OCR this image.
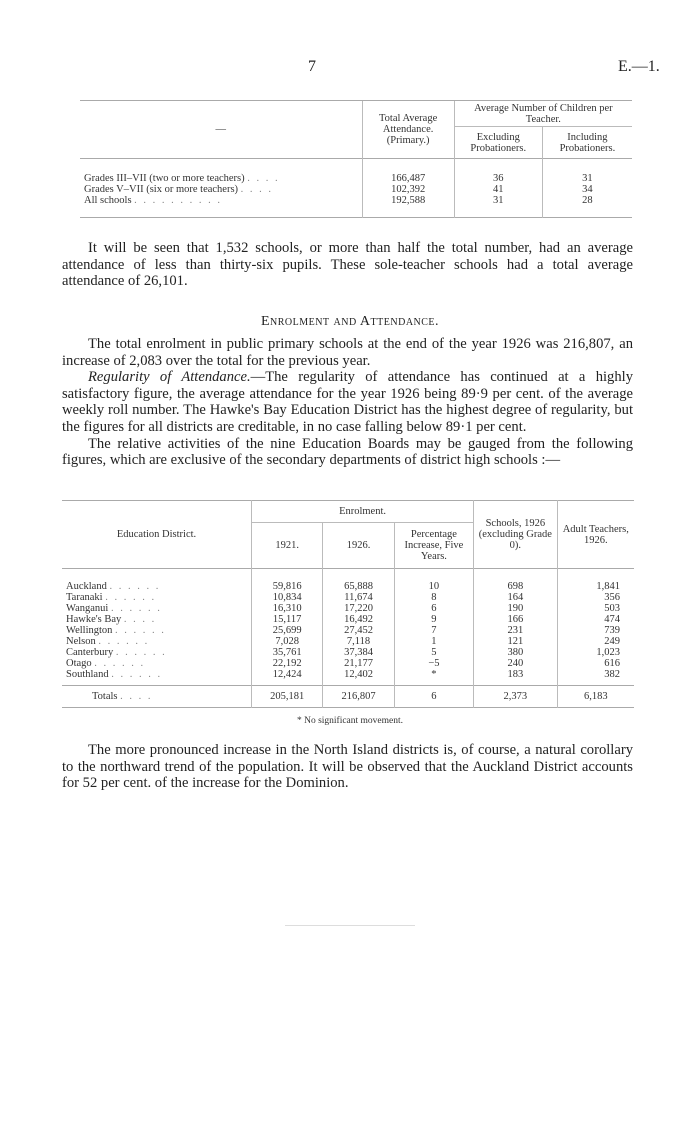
7	E.—1.
—	Total Average Attendance. (Primary.)	Average Number of Children per Teacher.	
		Excluding Probationers.	Including Probationers.

Grades III–VII (two or more teachers) . . . .	166,487	36	31
Grades V–VII (six or more teachers) . . . .	102,392	41	34
All schools . . . . . . . . . .	192,588	31	28

It will be seen that 1,532 schools, or more than half the total number, had an average attendance of less than thirty-six pupils. These sole-teacher schools had a total average attendance of 26,101.

Enrolment and Attendance.

The total enrolment in public primary schools at the end of the year 1926 was 216,807, an increase of 2,083 over the total for the previous year.

Regularity of Attendance.—The regularity of attendance has continued at a highly satisfactory figure, the average attendance for the year 1926 being 89·9 per cent. of the average weekly roll number. The Hawke's Bay Education District has the highest degree of regularity, but the figures for all districts are creditable, in no case falling below 89·1 per cent.

The relative activities of the nine Education Boards may be gauged from the following figures, which are exclusive of the secondary departments of district high schools :—

Education District.	Enrolment.			Schools, 1926 (excluding Grade 0).	Adult Teachers, 1926.
	1921.	1926.	Percentage Increase, Five Years.		

Auckland . . . . . .	59,816	65,888	10	698	1,841
Taranaki . . . . . .	10,834	11,674	8	164	356
Wanganui . . . . . .	16,310	17,220	6	190	503
Hawke's Bay . . . .	15,117	16,492	9	166	474
Wellington . . . . . .	25,699	27,452	7	231	739
Nelson . . . . . .	7,028	7,118	1	121	249
Canterbury . . . . . .	35,761	37,384	5	380	1,023
Otago . . . . . .	22,192	21,177	−5	240	616
Southland . . . . . .	12,424	12,402	*	183	382

Totals . . . .	205,181	216,807	6	2,373	6,183
* No significant movement.

The more pronounced increase in the North Island districts is, of course, a natural corollary to the northward trend of the population. It will be observed that the Auckland District accounts for 52 per cent. of the increase for the Dominion.
